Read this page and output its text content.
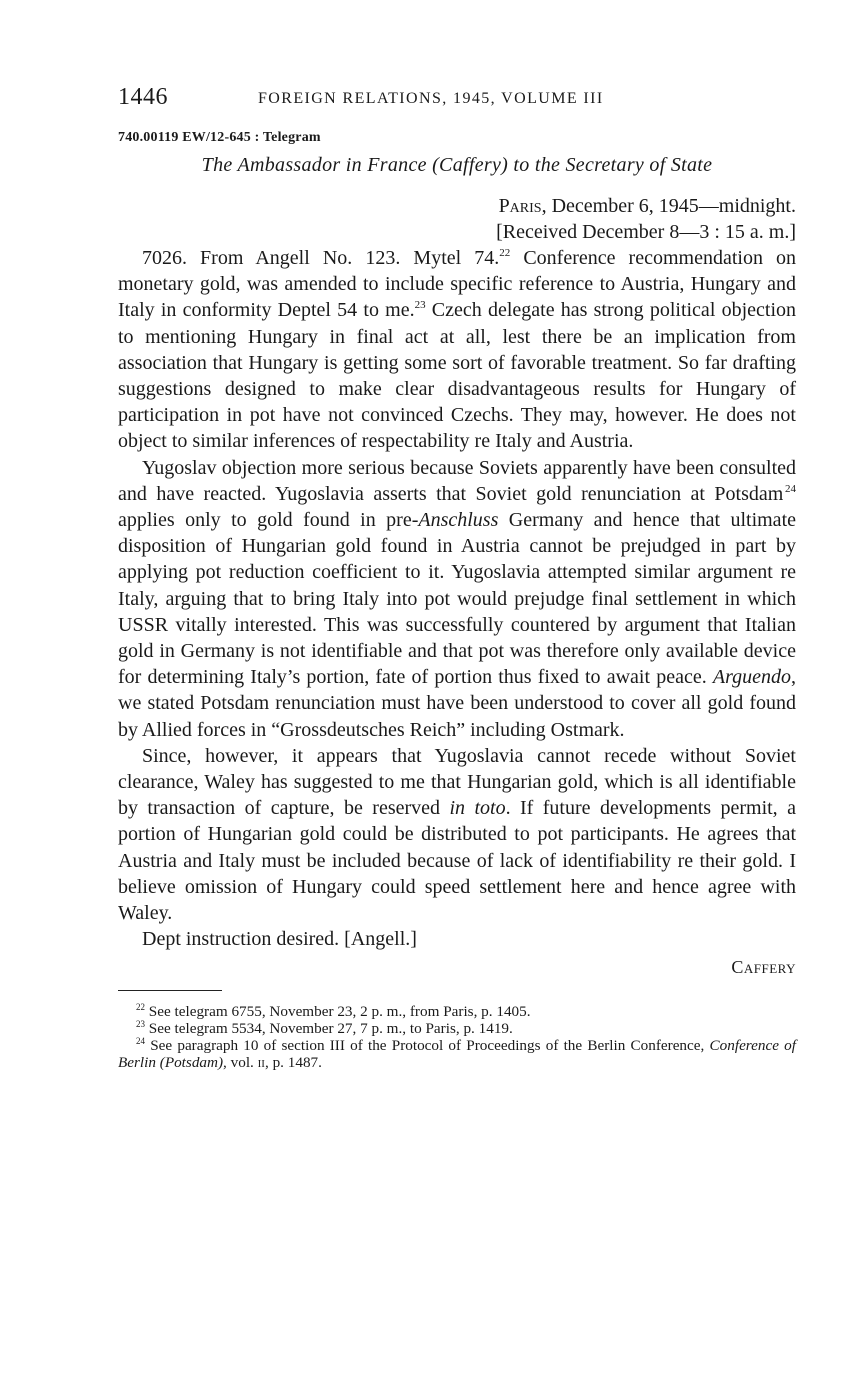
1446	FOREIGN RELATIONS, 1945, VOLUME III
740.00119 EW/12-645 : Telegram
The Ambassador in France (Caffery) to the Secretary of State
Paris, December 6, 1945—midnight.
[Received December 8—3 : 15 a. m.]

7026. From Angell No. 123. Mytel 74.22 Conference recommendation on monetary gold, was amended to include specific reference to Austria, Hungary and Italy in conformity Deptel 54 to me.$^{23}$ Czech delegate has strong political objection to mentioning Hungary in final act at all, lest there be an implication from association that Hungary is getting some sort of favorable treatment. So far drafting suggestions designed to make clear disadvantageous results for Hungary of participation in pot have not convinced Czechs. They may, however. He does not object to similar inferences of respectability re Italy and Austria.

Yugoslav objection more serious because Soviets apparently have been consulted and have reacted. Yugoslavia asserts that Soviet gold renunciation at Potsdam  $^{24}$ applies only to gold found in pre-Anschluss Germany and hence that ultimate disposition of Hungarian gold found in Austria cannot be prejudged in part by applying pot reduction coefficient to it. Yugoslavia attempted similar argument re Italy, arguing that to bring Italy into pot would prejudge final settlement in which USSR vitally interested. This was successfully countered by argument that Italian gold in Germany is not identifiable and that pot was therefore only available device for determining Italy’s portion, fate of portion thus fixed to await peace. Arguendo, we stated Potsdam renunciation must have been understood to cover all gold found by Allied forces in “Grossdeutsches Reich” including Ostmark.

Since, however, it appears that Yugoslavia cannot recede without Soviet clearance, Waley has suggested to me that Hungarian gold, which is all identifiable by transaction of capture, be reserved in toto. If future developments permit, a portion of Hungarian gold could be distributed to pot participants. He agrees that Austria and Italy must be included because of lack of identifiability re their gold. I believe omission of Hungary could speed settlement here and hence agree with Waley.

Dept instruction desired. [Angell.]

Caffery

$^{22}$ See telegram 6755, November 23, 2 p. m., from Paris, p. 1405.

$^{23}$ See telegram 5534, November 27, 7 p. m., to Paris, p. 1419.

$^{24}$ See paragraph 10 of section III of the Protocol of Proceedings of the Berlin Conference, Conference of Berlin (Potsdam), vol. ii, p. 1487.
